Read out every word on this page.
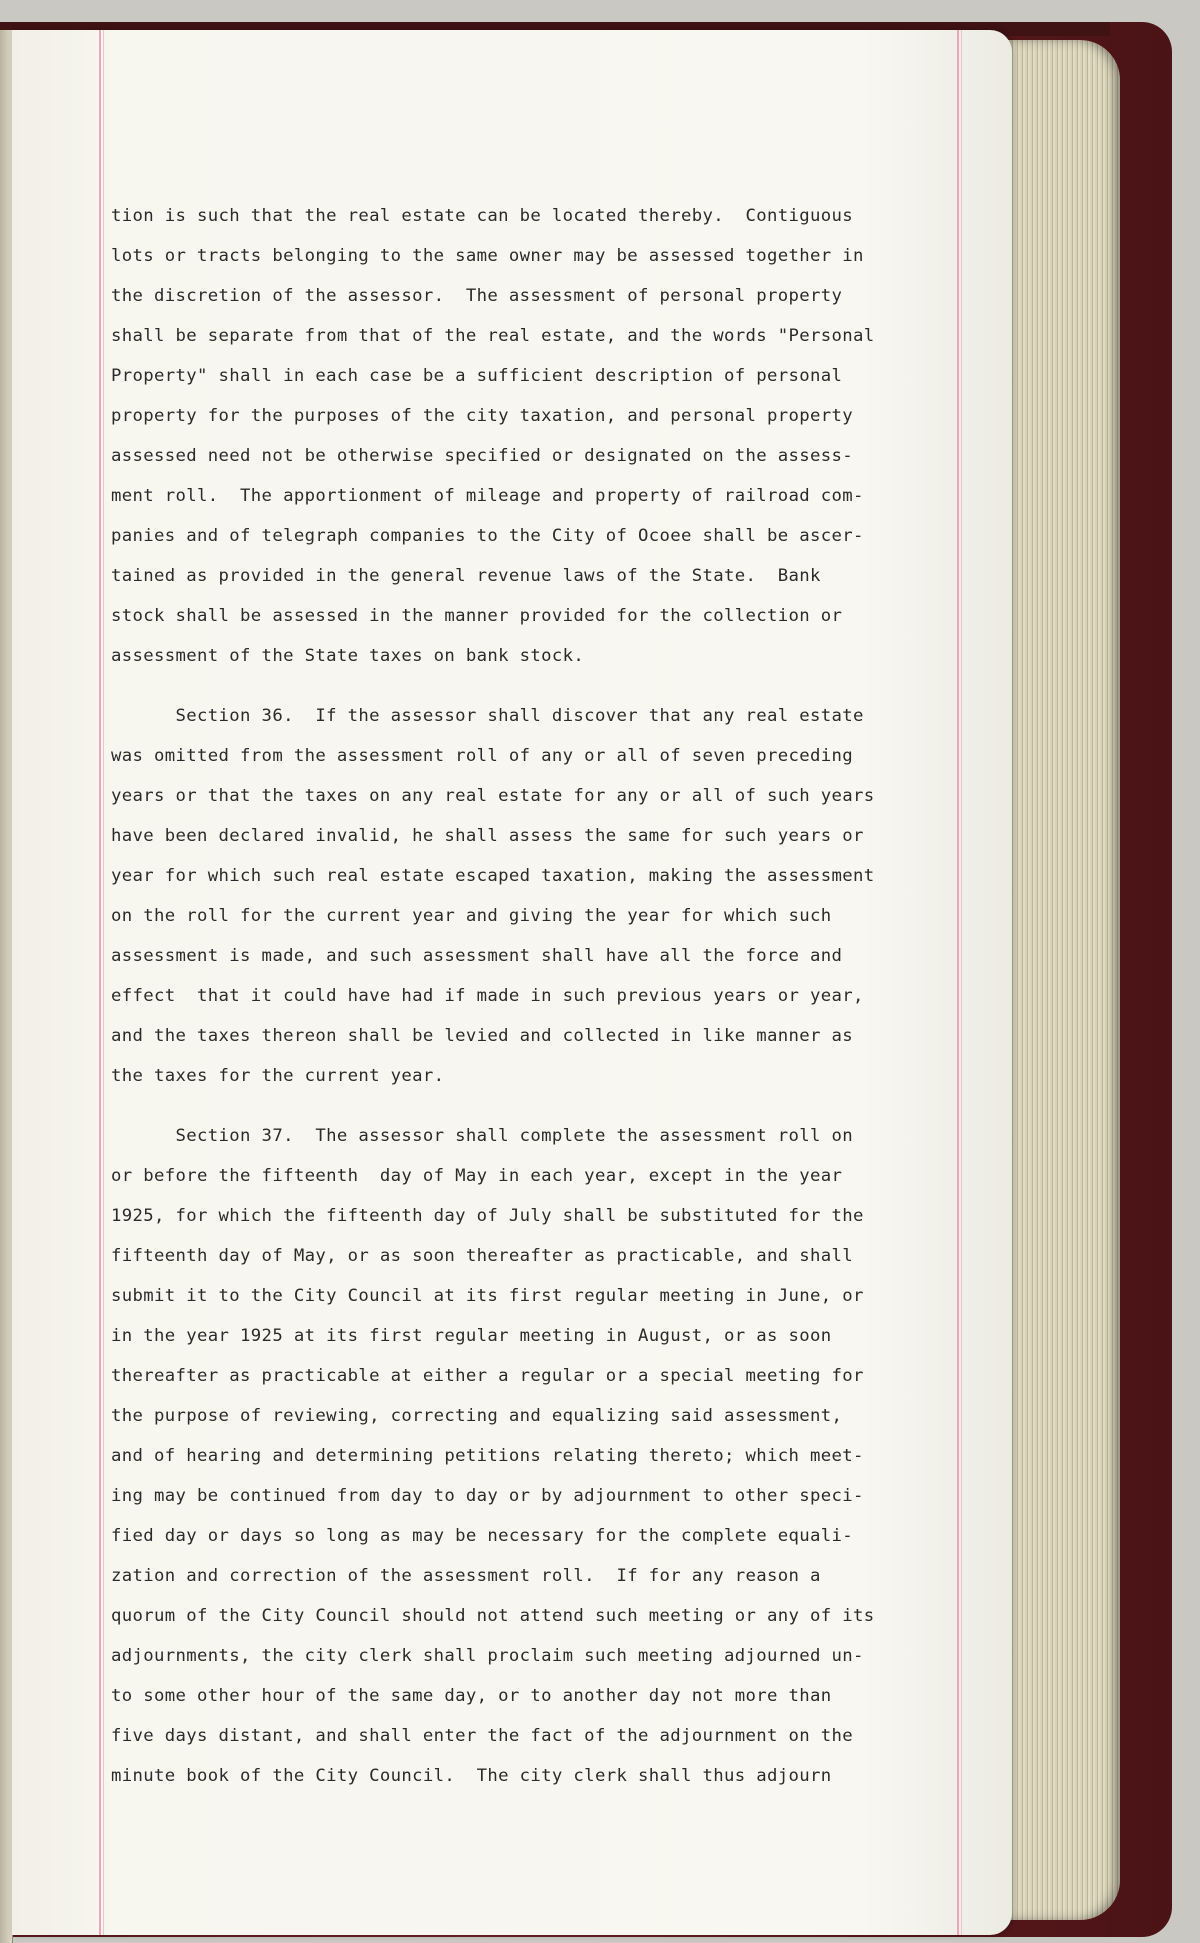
tion is such that the real estate can be located thereby.  Contiguous
lots or tracts belonging to the same owner may be assessed together in
the discretion of the assessor.  The assessment of personal property
shall be separate from that of the real estate, and the words "Personal
Property" shall in each case be a sufficient description of personal
property for the purposes of the city taxation, and personal property
assessed need not be otherwise specified or designated on the assess-
ment roll.  The apportionment of mileage and property of railroad com-
panies and of telegraph companies to the City of Ocoee shall be ascer-
tained as provided in the general revenue laws of the State.  Bank
stock shall be assessed in the manner provided for the collection or
assessment of the State taxes on bank stock.
Section 36.  If the assessor shall discover that any real estate
was omitted from the assessment roll of any or all of seven preceding
years or that the taxes on any real estate for any or all of such years
have been declared invalid, he shall assess the same for such years or
year for which such real estate escaped taxation, making the assessment
on the roll for the current year and giving the year for which such
assessment is made, and such assessment shall have all the force and
effect  that it could have had if made in such previous years or year,
and the taxes thereon shall be levied and collected in like manner as
the taxes for the current year.
Section 37.  The assessor shall complete the assessment roll on
or before the fifteenth  day of May in each year, except in the year
1925, for which the fifteenth day of July shall be substituted for the
fifteenth day of May, or as soon thereafter as practicable, and shall
submit it to the City Council at its first regular meeting in June, or
in the year 1925 at its first regular meeting in August, or as soon
thereafter as practicable at either a regular or a special meeting for
the purpose of reviewing, correcting and equalizing said assessment,
and of hearing and determining petitions relating thereto; which meet-
ing may be continued from day to day or by adjournment to other speci-
fied day or days so long as may be necessary for the complete equali-
zation and correction of the assessment roll.  If for any reason a
quorum of the City Council should not attend such meeting or any of its
adjournments, the city clerk shall proclaim such meeting adjourned un-
to some other hour of the same day, or to another day not more than
five days distant, and shall enter the fact of the adjournment on the
minute book of the City Council.  The city clerk shall thus adjourn
